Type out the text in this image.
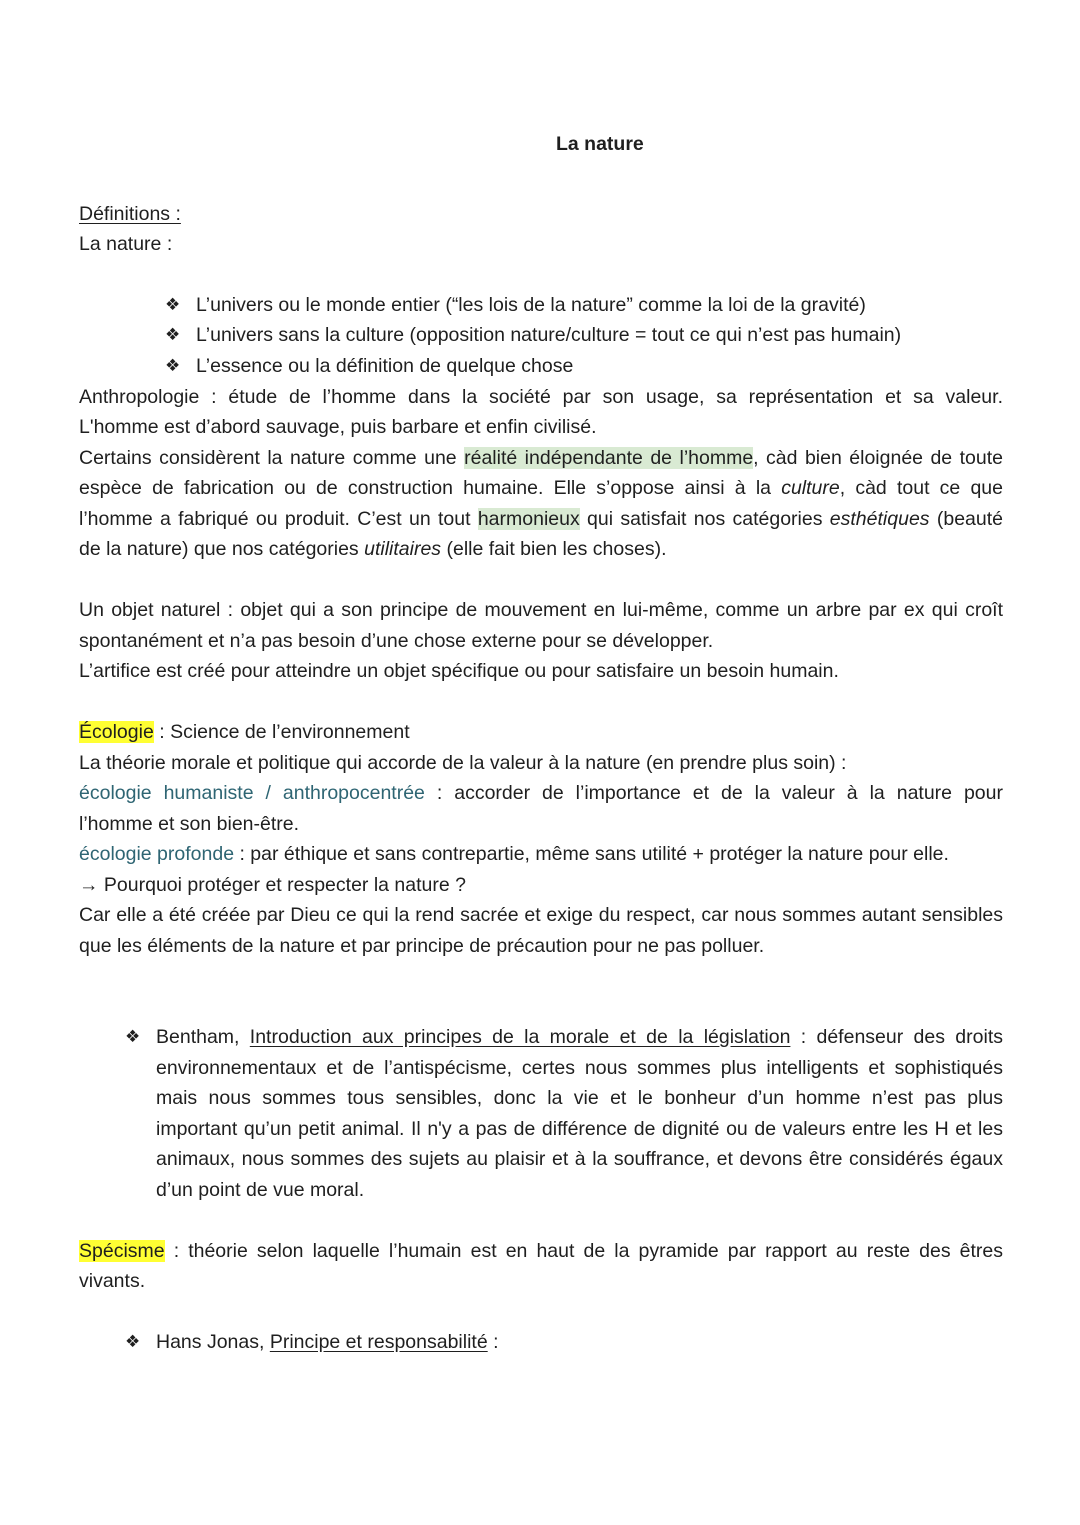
La nature
Définitions :
La nature :
❖ L’univers ou le monde entier (“les lois de la nature” comme la loi de la gravité)
❖ L’univers sans la culture (opposition nature/culture = tout ce qui n’est pas humain)
❖ L’essence ou la définition de quelque chose
Anthropologie : étude de l’homme dans la société par son usage, sa représentation et sa valeur.
L'homme est d’abord sauvage, puis barbare et enfin civilisé.
Certains considèrent la nature comme une réalité indépendante de l’homme, càd bien éloignée de toute
espèce de fabrication ou de construction humaine. Elle s’oppose ainsi à la culture, càd tout ce que
l’homme a fabriqué ou produit. C’est un tout harmonieux qui satisfait nos catégories esthétiques (beauté
de la nature) que nos catégories utilitaires (elle fait bien les choses).
Un objet naturel : objet qui a son principe de mouvement en lui-même, comme un arbre par ex qui croît
spontanément et n’a pas besoin d’une chose externe pour se développer.
L’artifice est créé pour atteindre un objet spécifique ou pour satisfaire un besoin humain.
Écologie : Science de l’environnement
La théorie morale et politique qui accorde de la valeur à la nature (en prendre plus soin) :
écologie humaniste / anthropocentrée : accorder de l’importance et de la valeur à la nature pour
l’homme et son bien-être.
écologie profonde : par éthique et sans contrepartie, même sans utilité + protéger la nature pour elle.
→ Pourquoi protéger et respecter la nature ?
Car elle a été créée par Dieu ce qui la rend sacrée et exige du respect, car nous sommes autant sensibles
que les éléments de la nature et par principe de précaution pour ne pas polluer.
❖ Bentham, Introduction aux principes de la morale et de la législation : défenseur des droits
environnementaux et de l’antispécisme, certes nous sommes plus intelligents et sophistiqués
mais nous sommes tous sensibles, donc la vie et le bonheur d’un homme n’est pas plus
important qu’un petit animal. Il n'y a pas de différence de dignité ou de valeurs entre les H et les
animaux, nous sommes des sujets au plaisir et à la souffrance, et devons être considérés égaux
d’un point de vue moral.
Spécisme : théorie selon laquelle l’humain est en haut de la pyramide par rapport au reste des êtres
vivants.
❖ Hans Jonas, Principe et responsabilité :
